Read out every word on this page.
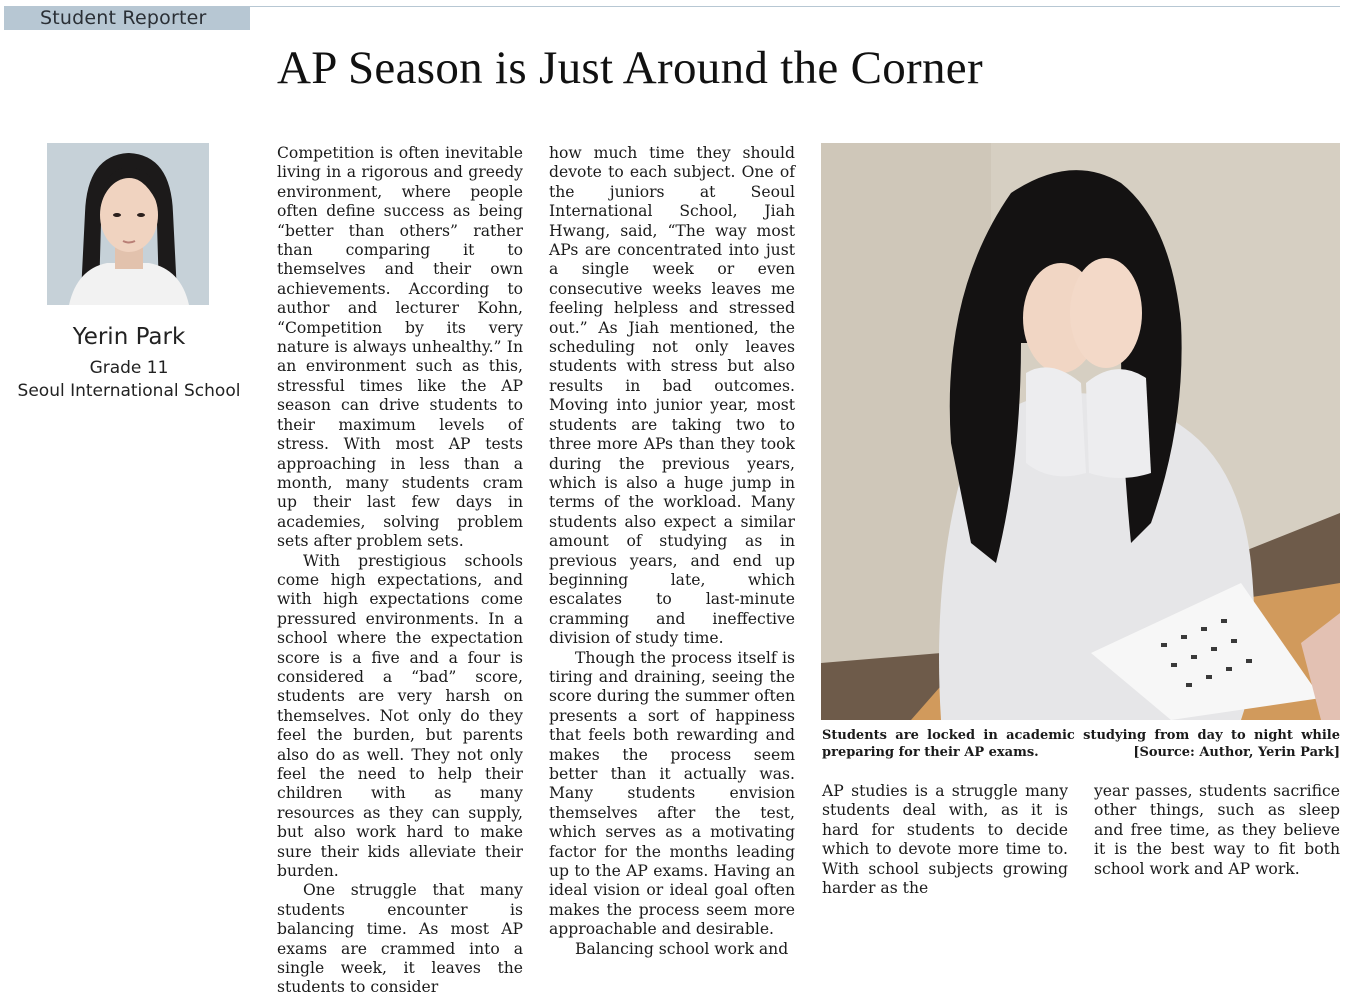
Student Reporter
AP Season is Just Around the Corner
Yerin Park
Grade 11
Seoul International School

Competition is often inevitable living in a rigorous and greedy environment, where people often define success as being “better than others” rather than comparing it to themselves and their own achievements. According to author and lecturer Kohn, “Competition by its very nature is always unhealthy.” In an environment such as this, stressful times like the AP season can drive students to their maximum levels of stress. With most AP tests approaching in less than a month, many students cram up their last few days in academies, solving problem sets after problem sets.

With prestigious schools come high expectations, and with high expectations come pressured environments. In a school where the expectation score is a five and a four is considered a “bad” score, students are very harsh on themselves. Not only do they feel the burden, but parents also do as well. They not only feel the need to help their children with as many resources as they can supply, but also work hard to make sure their kids alleviate their burden.

One struggle that many students encounter is balancing time. As most AP exams are crammed into a single week, it leaves the students to consider

how much time they should devote to each subject. One of the juniors at Seoul International School, Jiah Hwang, said, “The way most APs are concentrated into just a single week or even consecutive weeks leaves me feeling helpless and stressed out.” As Jiah mentioned, the scheduling not only leaves students with stress but also results in bad outcomes. Moving into junior year, most students are taking two to three more APs than they took during the previous years, which is also a huge jump in terms of the workload. Many students also expect a similar amount of studying as in previous years, and end up beginning late, which escalates to last-minute cramming and ineffective division of study time.

Though the process itself is tiring and draining, seeing the score during the summer often presents a sort of happiness that feels both rewarding and makes the process seem better than it actually was. Many students envision themselves after the test, which serves as a motivating factor for the months leading up to the AP exams. Having an ideal vision or ideal goal often makes the process seem more approachable and desirable.

Balancing school work and

Students are locked in academic studying from day to night while preparing for their AP exams.	[Source: Author, Yerin Park]

AP studies is a struggle many students deal with, as it is hard for students to decide which to devote more time to. With school subjects growing harder as the

year passes, students sacrifice other things, such as sleep and free time, as they believe it is the best way to fit both school work and AP work.
